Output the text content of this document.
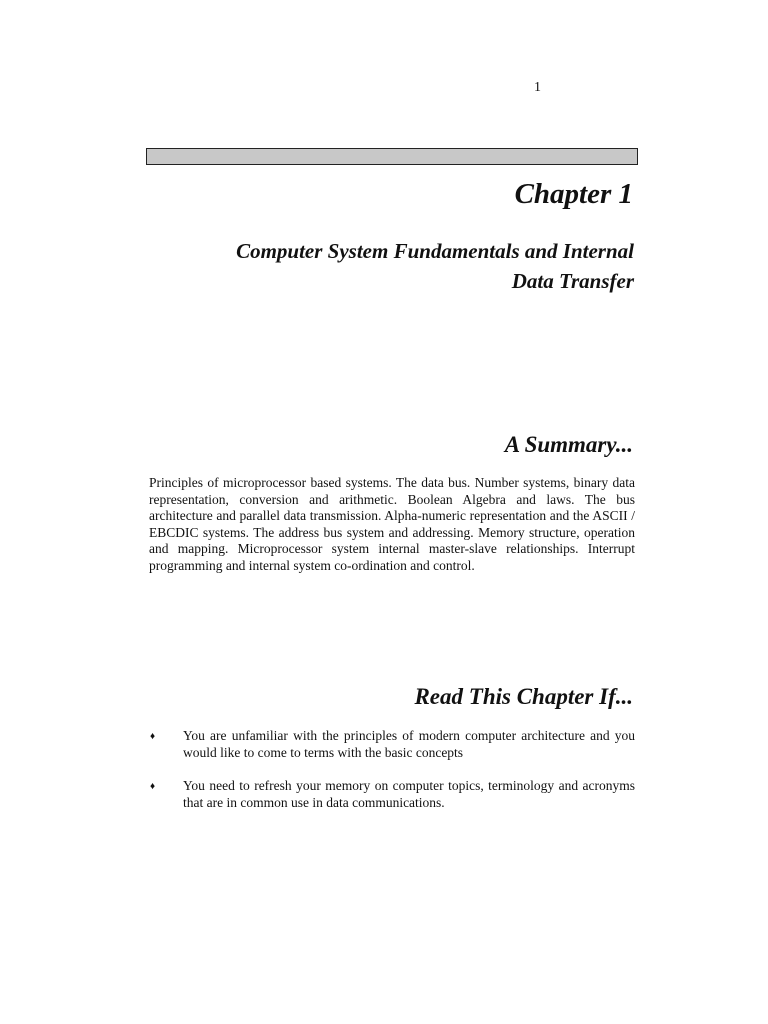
1
Chapter 1
Computer System Fundamentals and Internal
Data Transfer
A Summary...

Principles of microprocessor based systems. The data bus. Number systems, binary data representation, conversion and arithmetic. Boolean Algebra and laws. The bus architecture and parallel data transmission. Alpha-numeric representation and the ASCII / EBCDIC systems. The address bus system and addressing. Memory structure, operation and mapping. Microprocessor system internal master-slave relationships. Interrupt programming and internal system co-ordination and control.

Read This Chapter If...
♦ You are unfamiliar with the principles of modern computer architecture and you would like to come to terms with the basic concepts
♦ You need to refresh your memory on computer topics, terminology and acronyms that are in common use in data communications.
